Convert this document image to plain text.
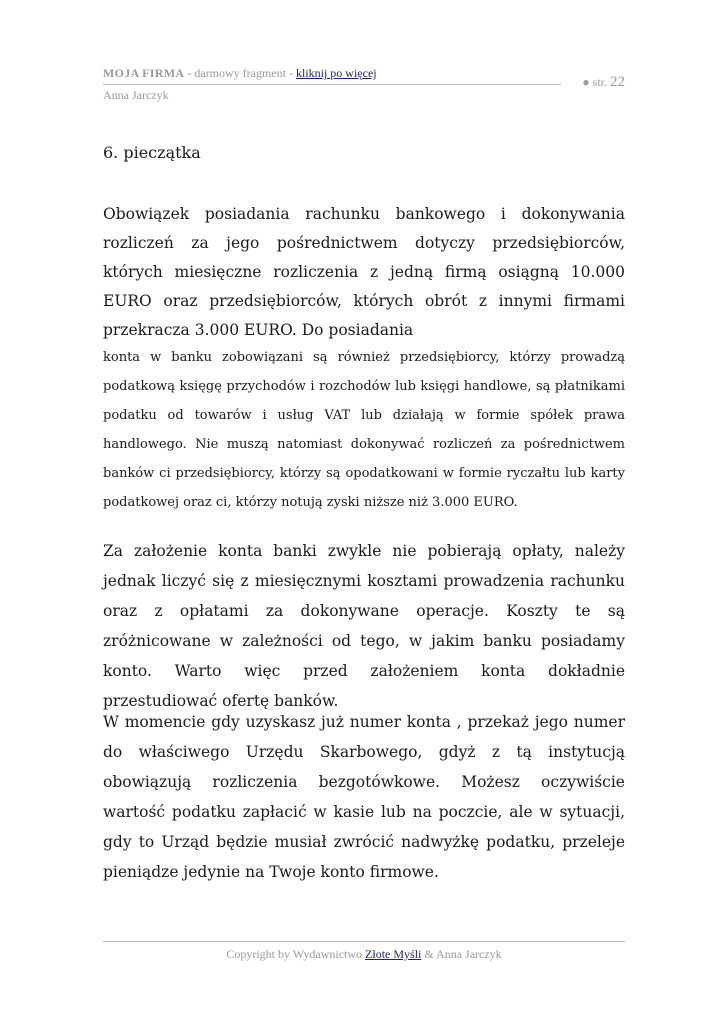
MOJA FIRMA - darmowy fragment - kliknij po więcej
Anna Jarczyk
● str. 22
6. pieczątka

Obowiązek posiadania rachunku bankowego i dokonywania rozliczeń za jego pośrednictwem dotyczy przedsiębiorców, których miesięczne rozliczenia z jedną firmą osiągną 10.000 EURO oraz przedsiębiorców, których obrót z innymi firmami przekracza 3.000 EURO. Do posiadania

konta w banku zobowiązani są również przedsiębiorcy, którzy prowadzą podatkową księgę przychodów i rozchodów lub księgi handlowe, są płatnikami podatku od towarów i usług VAT lub działają w formie spółek prawa handlowego. Nie muszą natomiast dokonywać rozliczeń za pośrednictwem banków ci przedsiębiorcy, którzy są opodatkowani w formie ryczałtu lub karty podatkowej oraz ci, którzy notują zyski niższe niż 3.000 EURO.

Za założenie konta banki zwykle nie pobierają opłaty, należy jednak liczyć się z miesięcznymi kosztami prowadzenia rachunku oraz z opłatami za dokonywane operacje. Koszty te są zróżnicowane w zależności od tego, w jakim banku posiadamy konto. Warto więc przed założeniem konta dokładnie przestudiować ofertę banków.

W momencie gdy uzyskasz już numer konta , przekaż jego numer do właściwego Urzędu Skarbowego, gdyż z tą instytucją obowiązują rozliczenia bezgotówkowe. Możesz oczywiście wartość podatku zapłacić w kasie lub na poczcie, ale w sytuacji, gdy to Urząd będzie musiał zwrócić nadwyżkę podatku, przeleje pieniądze jedynie na Twoje konto firmowe.

Copyright by Wydawnictwo Złote Myśli & Anna Jarczyk
